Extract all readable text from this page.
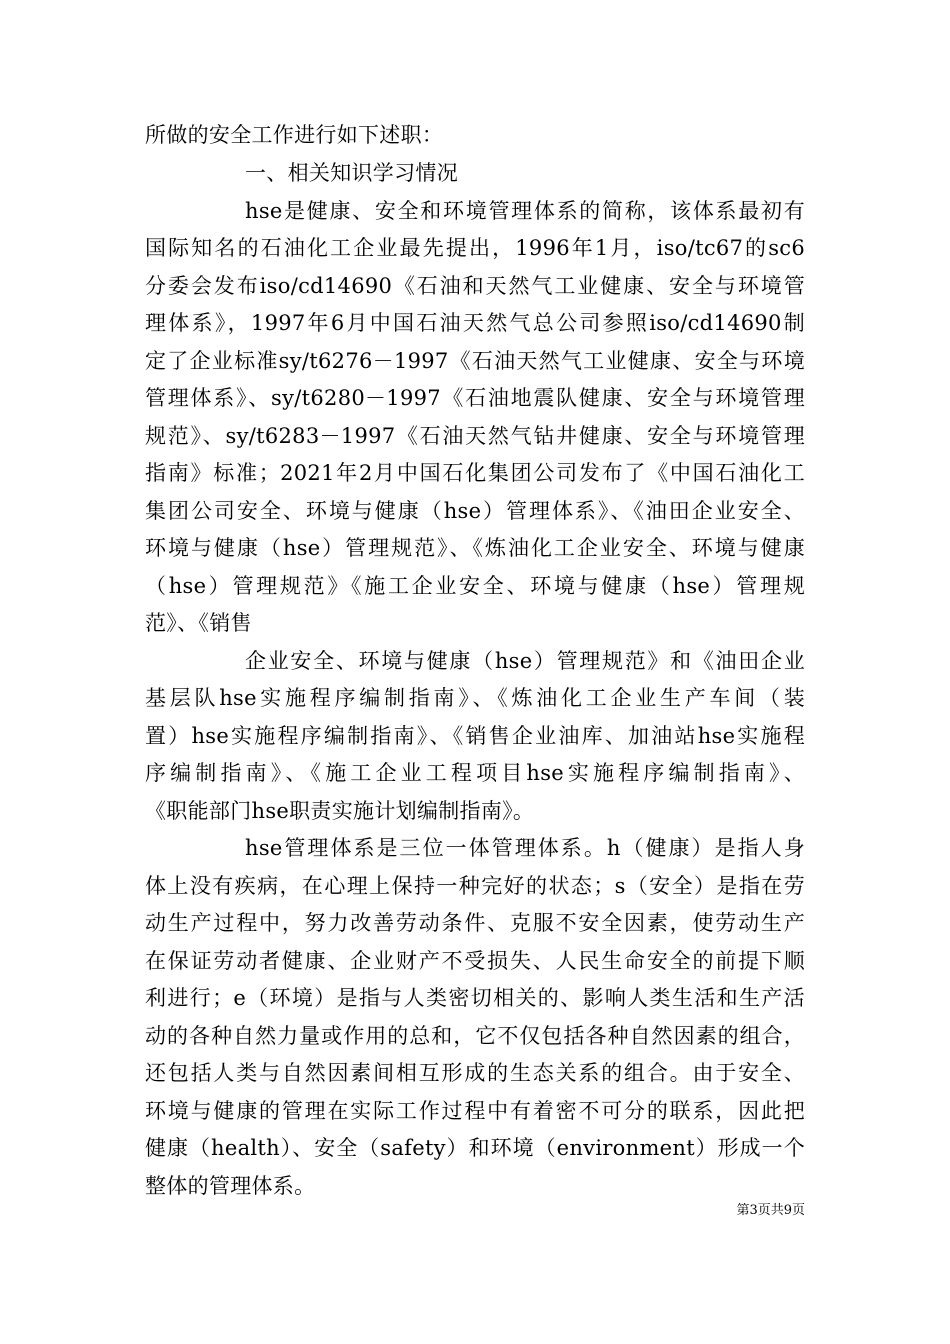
所做的安全工作进行如下述职：
一、相关知识学习情况
hse是健康、安全和环境管理体系的简称，该体系最初有
国际知名的石油化工企业最先提出，1996年1月，iso/tc67的sc6
分委会发布iso/cd14690《石油和天然气工业健康、安全与环境管
理体系》，1997年6月中国石油天然气总公司参照iso/cd14690制
定了企业标准sy/t6276－1997《石油天然气工业健康、安全与环境
管理体系》、sy/t6280－1997《石油地震队健康、安全与环境管理
规范》、sy/t6283－1997《石油天然气钻井健康、安全与环境管理
指南》标准；2021年2月中国石化集团公司发布了《中国石油化工
集团公司安全、环境与健康（hse）管理体系》、《油田企业安全、
环境与健康（hse）管理规范》、《炼油化工企业安全、环境与健康
（hse）管理规范》《施工企业安全、环境与健康（hse）管理规
范》、《销售
企业安全、环境与健康（hse）管理规范》和《油田企业
基层队hse实施程序编制指南》、《炼油化工企业生产车间（装
置）hse实施程序编制指南》、《销售企业油库、加油站hse实施程
序编制指南》、《施工企业工程项目hse实施程序编制指南》、
《职能部门hse职责实施计划编制指南》。
hse管理体系是三位一体管理体系。h（健康）是指人身
体上没有疾病，在心理上保持一种完好的状态；s（安全）是指在劳
动生产过程中，努力改善劳动条件、克服不安全因素，使劳动生产
在保证劳动者健康、企业财产不受损失、人民生命安全的前提下顺
利进行；e（环境）是指与人类密切相关的、影响人类生活和生产活
动的各种自然力量或作用的总和，它不仅包括各种自然因素的组合，
还包括人类与自然因素间相互形成的生态关系的组合。由于安全、
环境与健康的管理在实际工作过程中有着密不可分的联系，因此把
健康（health）、安全（safety）和环境（environment）形成一个
整体的管理体系。
第3页共9页
